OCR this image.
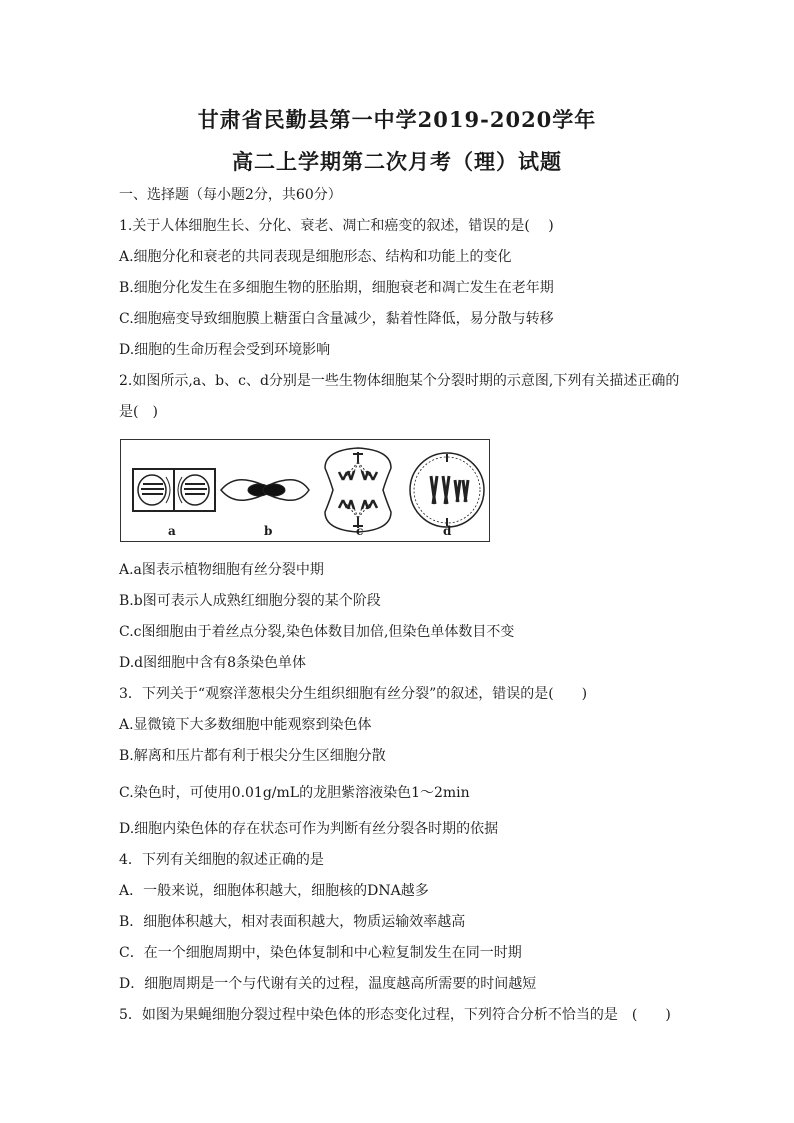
甘肃省民勤县第一中学2019-2020学年
高二上学期第二次月考（理）试题

一、选择题（每小题2分，共60分）

1.关于人体细胞生长、分化、衰老、凋亡和癌变的叙述，错误的是(　 )

A.细胞分化和衰老的共同表现是细胞形态、结构和功能上的变化

B.细胞分化发生在多细胞生物的胚胎期，细胞衰老和凋亡发生在老年期

C.细胞癌变导致细胞膜上糖蛋白含量减少，黏着性降低，易分散与转移

D.细胞的生命历程会受到环境影响

2.如图所示,a、b、c、d分别是一些生物体细胞某个分裂时期的示意图,下列有关描述正确的

是(　)

a	b	c	d

A.a图表示植物细胞有丝分裂中期

B.b图可表示人成熟红细胞分裂的某个阶段

C.c图细胞由于着丝点分裂,染色体数目加倍,但染色单体数目不变

D.d图细胞中含有8条染色单体

3．下列关于“观察洋葱根尖分生组织细胞有丝分裂”的叙述，错误的是(　　)

A.显微镜下大多数细胞中能观察到染色体

B.解离和压片都有利于根尖分生区细胞分散

C.染色时，可使用0.01g/mL的龙胆紫溶液染色1～2min

D.细胞内染色体的存在状态可作为判断有丝分裂各时期的依据

4．下列有关细胞的叙述正确的是

A．一般来说，细胞体积越大，细胞核的DNA越多

B．细胞体积越大，相对表面积越大，物质运输效率越高

C．在一个细胞周期中，染色体复制和中心粒复制发生在同一时期

D．细胞周期是一个与代谢有关的过程，温度越高所需要的时间越短

5．如图为果蝇细胞分裂过程中染色体的形态变化过程，下列符合分析不恰当的是　(　　)
